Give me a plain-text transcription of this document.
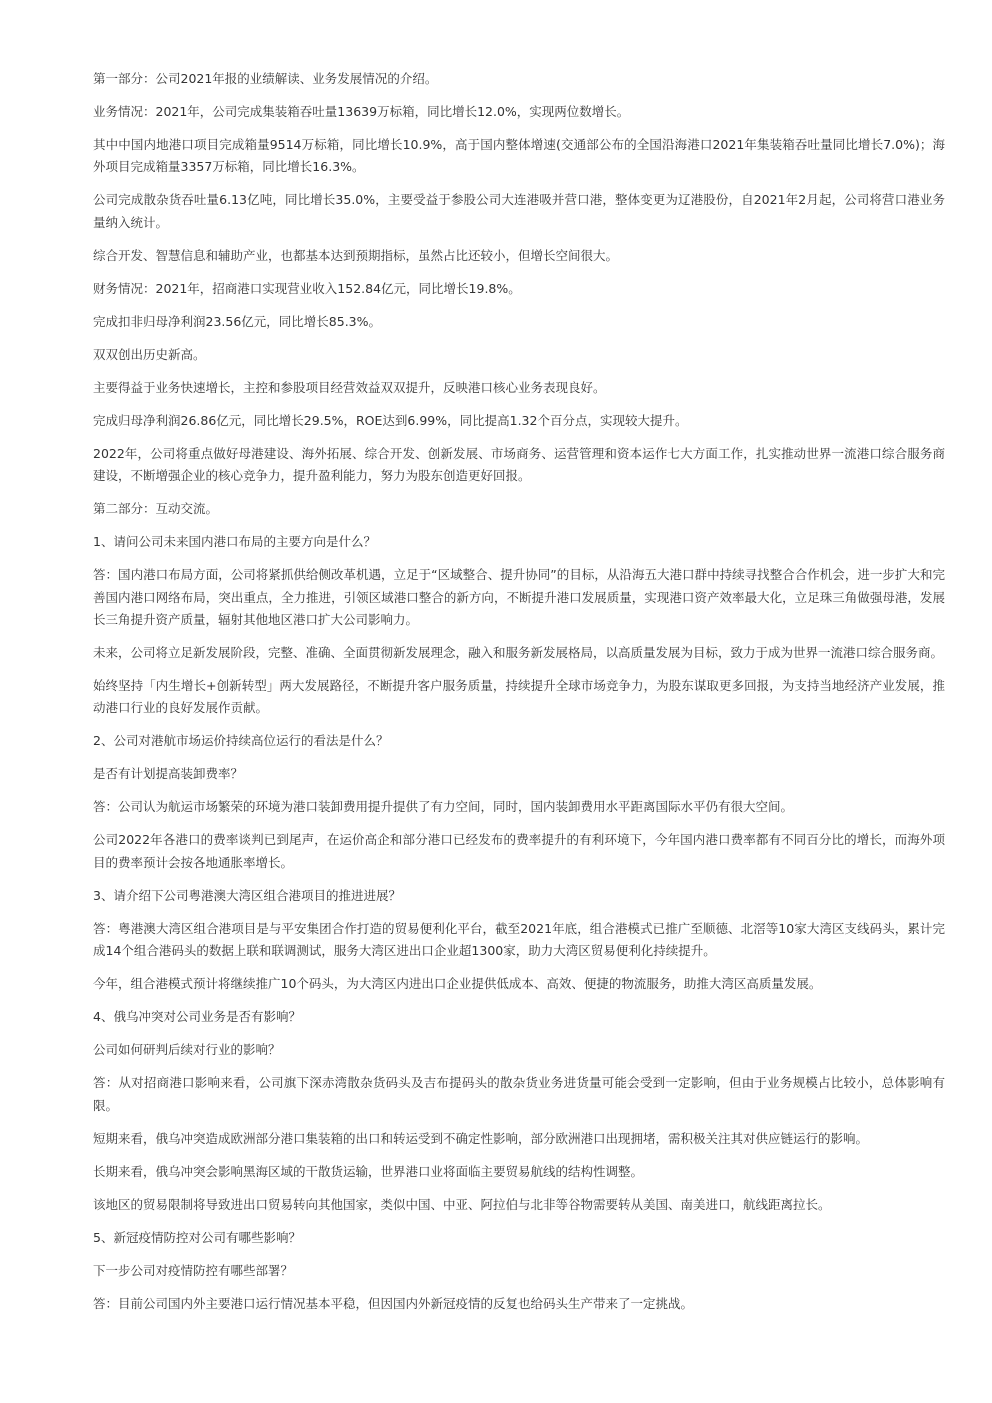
第一部分：公司2021年报的业绩解读、业务发展情况的介绍。

业务情况：2021年，公司完成集装箱吞吐量13639万标箱，同比增长12.0%，实现两位数增长。

其中中国内地港口项目完成箱量9514万标箱，同比增长10.9%，高于国内整体增速(交通部公布的全国沿海港口2021年集装箱吞吐量同比增长7.0%)；海外项目完成箱量3357万标箱，同比增长16.3%。

公司完成散杂货吞吐量6.13亿吨，同比增长35.0%，主要受益于参股公司大连港吸并营口港，整体变更为辽港股份，自2021年2月起，公司将营口港业务量纳入统计。

综合开发、智慧信息和辅助产业，也都基本达到预期指标，虽然占比还较小，但增长空间很大。

财务情况：2021年，招商港口实现营业收入152.84亿元，同比增长19.8%。

完成扣非归母净利润23.56亿元，同比增长85.3%。

双双创出历史新高。

主要得益于业务快速增长，主控和参股项目经营效益双双提升，反映港口核心业务表现良好。

完成归母净利润26.86亿元，同比增长29.5%，ROE达到6.99%，同比提高1.32个百分点，实现较大提升。

2022年，公司将重点做好母港建设、海外拓展、综合开发、创新发展、市场商务、运营管理和资本运作七大方面工作，扎实推动世界一流港口综合服务商建设，不断增强企业的核心竞争力，提升盈利能力，努力为股东创造更好回报。

第二部分：互动交流。

1、请问公司未来国内港口布局的主要方向是什么？

答：国内港口布局方面，公司将紧抓供给侧改革机遇，立足于“区域整合、提升协同”的目标，从沿海五大港口群中持续寻找整合合作机会，进一步扩大和完善国内港口网络布局，突出重点，全力推进，引领区域港口整合的新方向，不断提升港口发展质量，实现港口资产效率最大化，立足珠三角做强母港，发展长三角提升资产质量，辐射其他地区港口扩大公司影响力。

未来，公司将立足新发展阶段，完整、准确、全面贯彻新发展理念，融入和服务新发展格局，以高质量发展为目标，致力于成为世界一流港口综合服务商。

始终坚持「内生增长+创新转型」两大发展路径，不断提升客户服务质量，持续提升全球市场竞争力，为股东谋取更多回报，为支持当地经济产业发展，推动港口行业的良好发展作贡献。

2、公司对港航市场运价持续高位运行的看法是什么？

是否有计划提高装卸费率？

答：公司认为航运市场繁荣的环境为港口装卸费用提升提供了有力空间，同时，国内装卸费用水平距离国际水平仍有很大空间。

公司2022年各港口的费率谈判已到尾声，在运价高企和部分港口已经发布的费率提升的有利环境下，今年国内港口费率都有不同百分比的增长，而海外项目的费率预计会按各地通胀率增长。

3、请介绍下公司粤港澳大湾区组合港项目的推进进展？

答：粤港澳大湾区组合港项目是与平安集团合作打造的贸易便利化平台，截至2021年底，组合港模式已推广至顺德、北滘等10家大湾区支线码头，累计完成14个组合港码头的数据上联和联调测试，服务大湾区进出口企业超1300家，助力大湾区贸易便利化持续提升。

今年，组合港模式预计将继续推广10个码头，为大湾区内进出口企业提供低成本、高效、便捷的物流服务，助推大湾区高质量发展。

4、俄乌冲突对公司业务是否有影响？

公司如何研判后续对行业的影响？

答：从对招商港口影响来看，公司旗下深赤湾散杂货码头及吉布提码头的散杂货业务进货量可能会受到一定影响，但由于业务规模占比较小，总体影响有限。

短期来看，俄乌冲突造成欧洲部分港口集装箱的出口和转运受到不确定性影响，部分欧洲港口出现拥堵，需积极关注其对供应链运行的影响。

长期来看，俄乌冲突会影响黑海区域的干散货运输，世界港口业将面临主要贸易航线的结构性调整。

该地区的贸易限制将导致进出口贸易转向其他国家，类似中国、中亚、阿拉伯与北非等谷物需要转从美国、南美进口，航线距离拉长。

5、新冠疫情防控对公司有哪些影响？

下一步公司对疫情防控有哪些部署？

答：目前公司国内外主要港口运行情况基本平稳，但因国内外新冠疫情的反复也给码头生产带来了一定挑战。
